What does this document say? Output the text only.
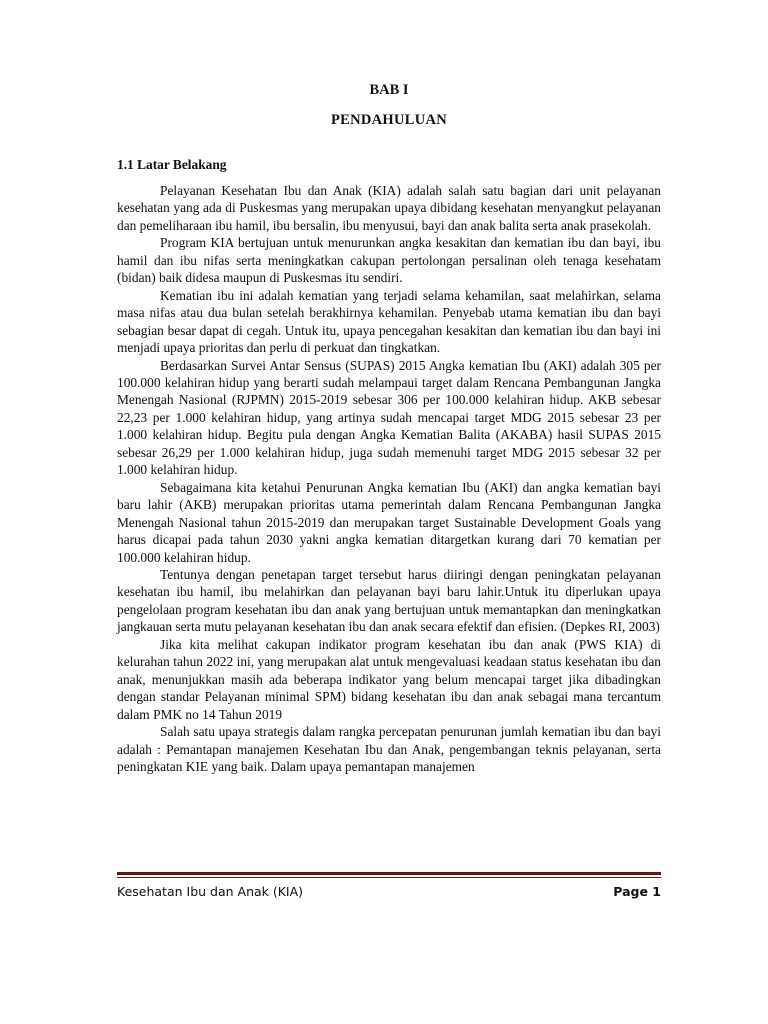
BAB I

PENDAHULUAN

1.1 Latar Belakang

Pelayanan Kesehatan Ibu dan Anak (KIA) adalah salah satu bagian dari unit pelayanan kesehatan yang ada di Puskesmas yang merupakan upaya dibidang kesehatan menyangkut pelayanan dan pemeliharaan ibu hamil, ibu bersalin, ibu menyusui, bayi dan anak balita serta anak prasekolah.

Program KIA bertujuan untuk menurunkan angka kesakitan dan kematian ibu dan bayi, ibu hamil dan ibu nifas serta meningkatkan cakupan pertolongan persalinan oleh tenaga kesehatam (bidan) baik didesa maupun di Puskesmas itu sendiri.

Kematian ibu ini adalah kematian yang terjadi selama kehamilan, saat melahirkan, selama masa nifas atau dua bulan setelah berakhirnya kehamilan. Penyebab utama kematian ibu dan bayi sebagian besar dapat di cegah. Untuk itu, upaya pencegahan kesakitan dan kematian ibu dan bayi ini menjadi upaya prioritas dan perlu di perkuat dan tingkatkan.

Berdasarkan Survei Antar Sensus (SUPAS) 2015 Angka kematian Ibu (AKI) adalah 305 per 100.000 kelahiran hidup yang berarti sudah melampaui target dalam Rencana Pembangunan Jangka Menengah Nasional (RJPMN) 2015-2019 sebesar 306 per 100.000 kelahiran hidup. AKB sebesar 22,23 per 1.000 kelahiran hidup, yang artinya sudah mencapai target MDG 2015 sebesar 23 per 1.000 kelahiran hidup. Begitu pula dengan Angka Kematian Balita (AKABA) hasil SUPAS 2015 sebesar 26,29 per 1.000 kelahiran hidup, juga sudah memenuhi target MDG 2015 sebesar 32 per 1.000 kelahiran hidup.

Sebagaimana kita ketahui Penurunan Angka kematian Ibu (AKI) dan angka kematian bayi baru lahir (AKB) merupakan prioritas utama pemerintah dalam Rencana Pembangunan Jangka Menengah Nasional tahun 2015-2019 dan merupakan target Sustainable Development Goals yang harus dicapai pada tahun 2030 yakni angka kematian ditargetkan kurang dari 70 kematian per 100.000 kelahiran hidup.

Tentunya dengan penetapan target tersebut harus diiringi dengan peningkatan pelayanan kesehatan ibu hamil, ibu melahirkan dan pelayanan bayi baru lahir.Untuk itu diperlukan upaya pengelolaan program kesehatan ibu dan anak yang bertujuan untuk memantapkan dan meningkatkan jangkauan serta mutu pelayanan kesehatan ibu dan anak secara efektif dan efisien. (Depkes RI, 2003)

Jika kita melihat cakupan indikator program kesehatan ibu dan anak (PWS KIA) di kelurahan tahun 2022 ini, yang merupakan alat untuk mengevaluasi keadaan status kesehatan ibu dan anak, menunjukkan masih ada beberapa indikator yang belum mencapai target jika dibadingkan dengan standar Pelayanan minimal SPM) bidang kesehatan ibu dan anak sebagai mana tercantum dalam PMK no 14 Tahun 2019

Salah satu upaya strategis dalam rangka percepatan penurunan jumlah kematian ibu dan bayi adalah : Pemantapan manajemen Kesehatan Ibu dan Anak, pengembangan teknis pelayanan, serta peningkatan KIE yang baik. Dalam upaya pemantapan manajemen

Kesehatan Ibu dan Anak (KIA)	Page 1
